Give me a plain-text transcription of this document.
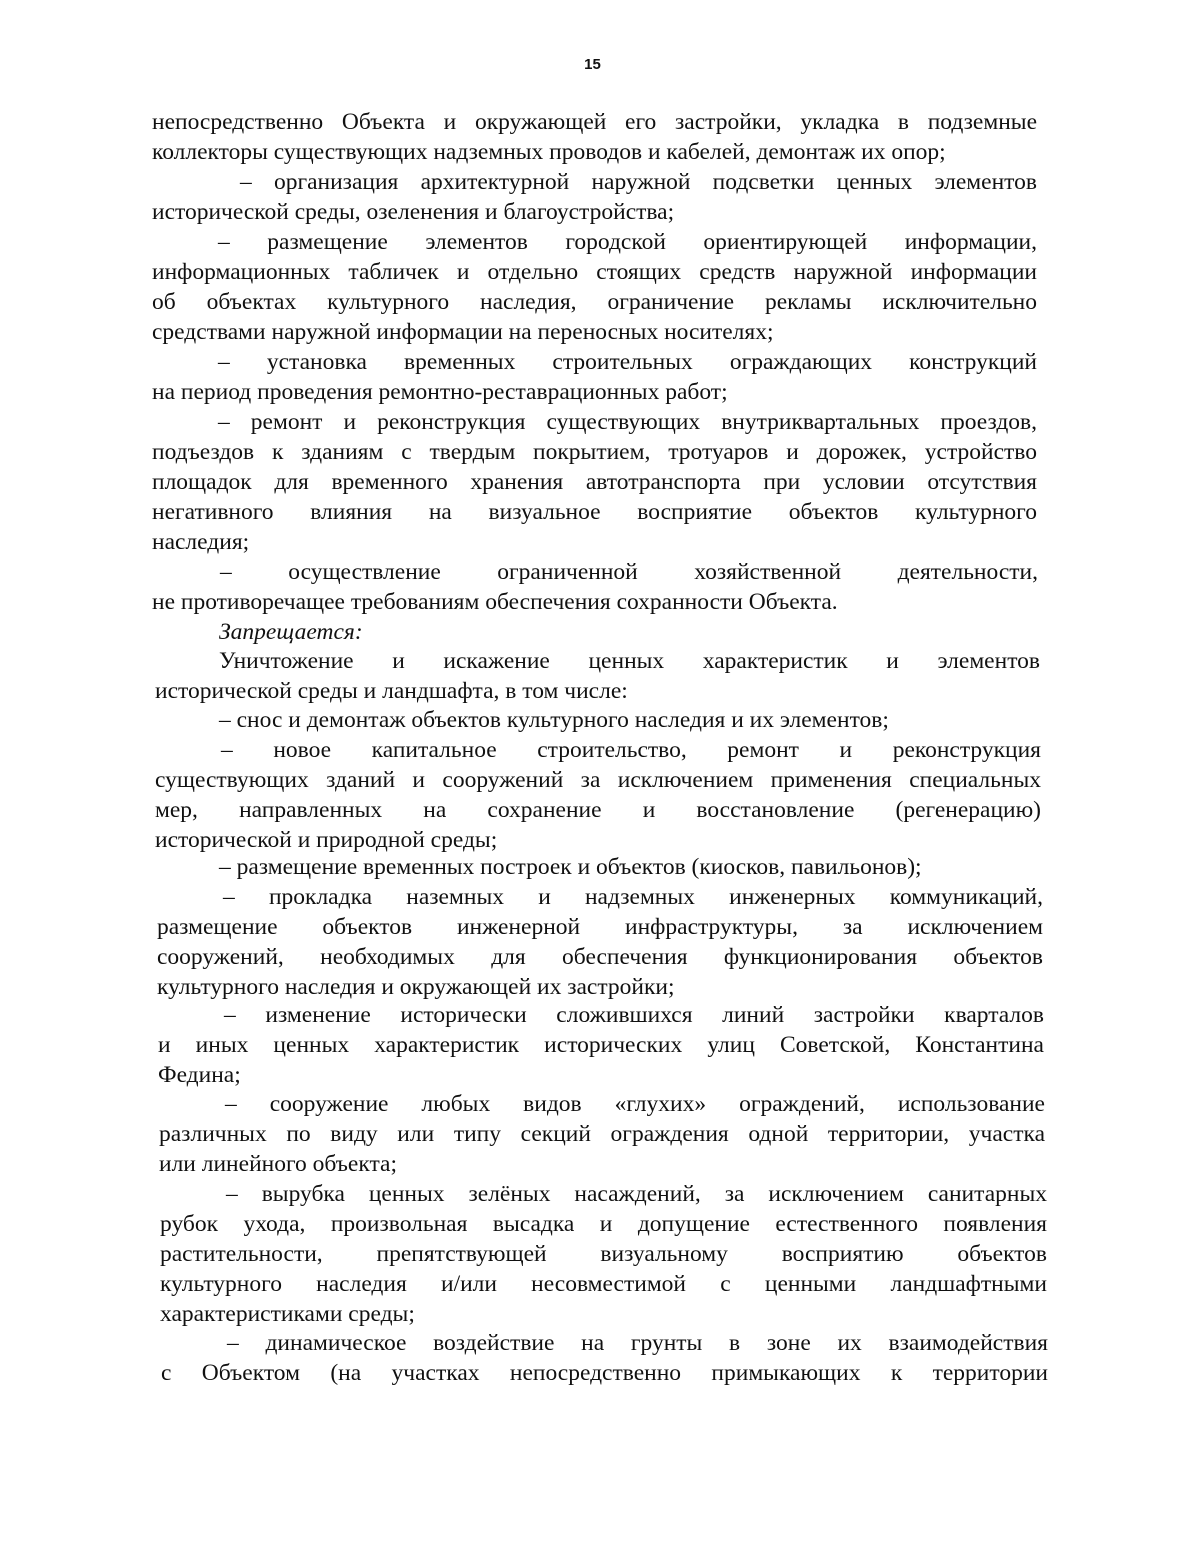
15
непосредственно Объекта и окружающей его застройки, укладка в подземные
коллекторы существующих надземных проводов и кабелей, демонтаж их опор;
– организация архитектурной наружной подсветки ценных элементов
исторической среды, озеленения и благоустройства;
– размещение элементов городской ориентирующей информации,
информационных табличек и отдельно стоящих средств наружной информации
об объектах культурного наследия, ограничение рекламы исключительно
средствами наружной информации на переносных носителях;
– установка временных строительных ограждающих конструкций
на период проведения ремонтно-реставрационных работ;
– ремонт и реконструкция существующих внутриквартальных проездов,
подъездов к зданиям с твердым покрытием, тротуаров и дорожек, устройство
площадок для временного хранения автотранспорта при условии отсутствия
негативного влияния на визуальное восприятие объектов культурного
наследия;
– осуществление ограниченной хозяйственной деятельности,
не противоречащее требованиям обеспечения сохранности Объекта.
Запрещается:
Уничтожение и искажение ценных характеристик и элементов
исторической среды и ландшафта, в том числе:
– снос и демонтаж объектов культурного наследия и их элементов;
– новое капитальное строительство, ремонт и реконструкция
существующих зданий и сооружений за исключением применения специальных
мер, направленных на сохранение и восстановление (регенерацию)
исторической и природной среды;
– размещение временных построек и объектов (киосков, павильонов);
– прокладка наземных и надземных инженерных коммуникаций,
размещение объектов инженерной инфраструктуры, за исключением
сооружений, необходимых для обеспечения функционирования объектов
культурного наследия и окружающей их застройки;
– изменение исторически сложившихся линий застройки кварталов
и иных ценных характеристик исторических улиц Советской, Константина
Федина;
– сооружение любых видов «глухих» ограждений, использование
различных по виду или типу секций ограждения одной территории, участка
или линейного объекта;
– вырубка ценных зелёных насаждений, за исключением санитарных
рубок ухода, произвольная высадка и допущение естественного появления
растительности, препятствующей визуальному восприятию объектов
культурного наследия и/или несовместимой с ценными ландшафтными
характеристиками среды;
– динамическое воздействие на грунты в зоне их взаимодействия
с Объектом (на участках непосредственно примыкающих к территории
